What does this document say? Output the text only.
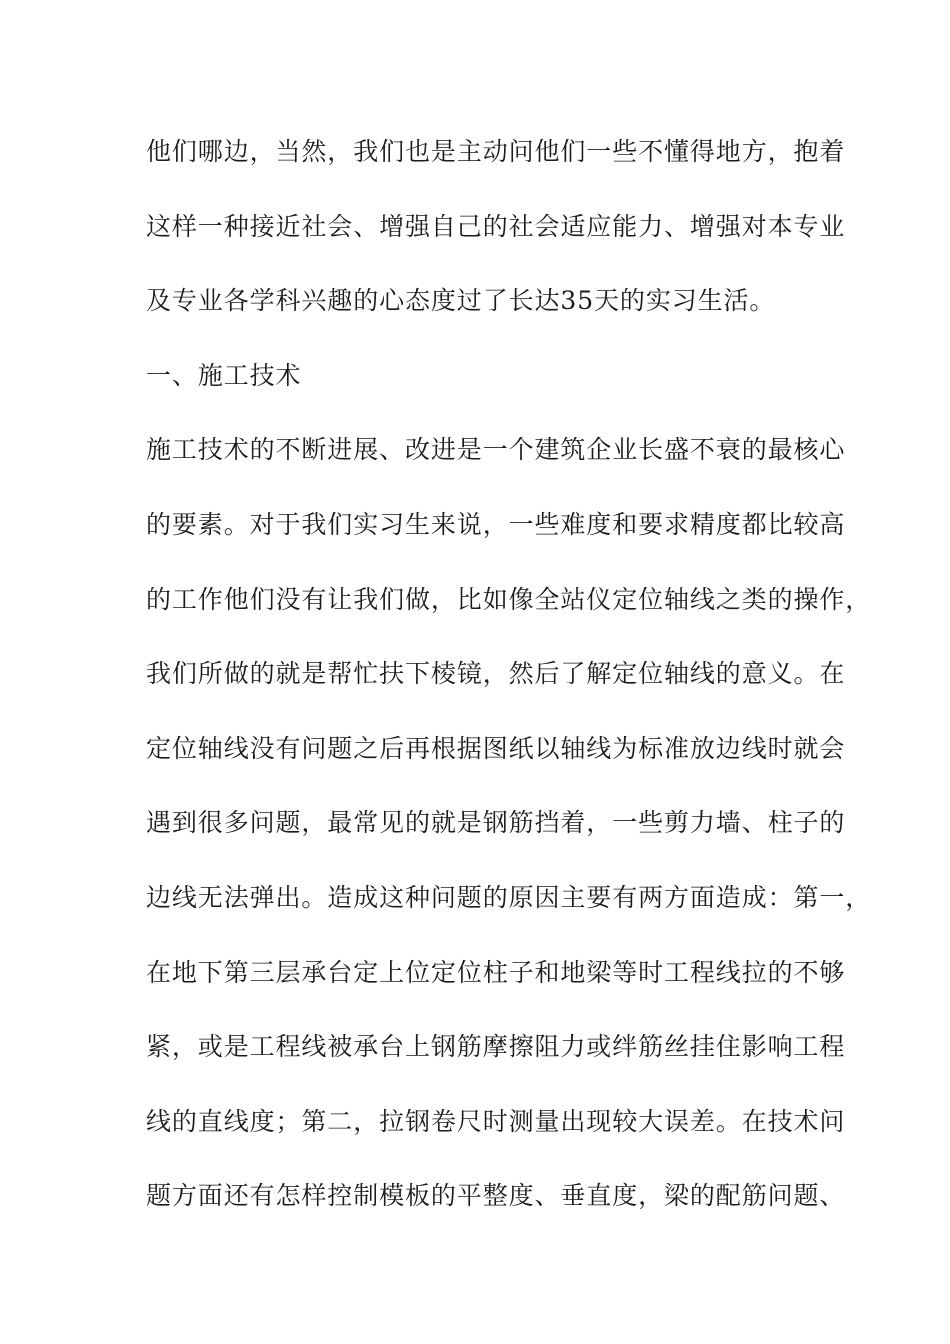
他们哪边，当然，我们也是主动问他们一些不懂得地方，抱着
这样一种接近社会、增强自己的社会适应能力、增强对本专业
及专业各学科兴趣的心态度过了长达35天的实习生活。
一、施工技术
施工技术的不断进展、改进是一个建筑企业长盛不衰的最核心
的要素。对于我们实习生来说，一些难度和要求精度都比较高
的工作他们没有让我们做，比如像全站仪定位轴线之类的操作，
我们所做的就是帮忙扶下棱镜，然后了解定位轴线的意义。在
定位轴线没有问题之后再根据图纸以轴线为标准放边线时就会
遇到很多问题，最常见的就是钢筋挡着，一些剪力墙、柱子的
边线无法弹出。造成这种问题的原因主要有两方面造成：第一，
在地下第三层承台定上位定位柱子和地梁等时工程线拉的不够
紧，或是工程线被承台上钢筋摩擦阻力或绊筋丝挂住影响工程
线的直线度；第二，拉钢卷尺时测量出现较大误差。在技术问
题方面还有怎样控制模板的平整度、垂直度，梁的配筋问题、
